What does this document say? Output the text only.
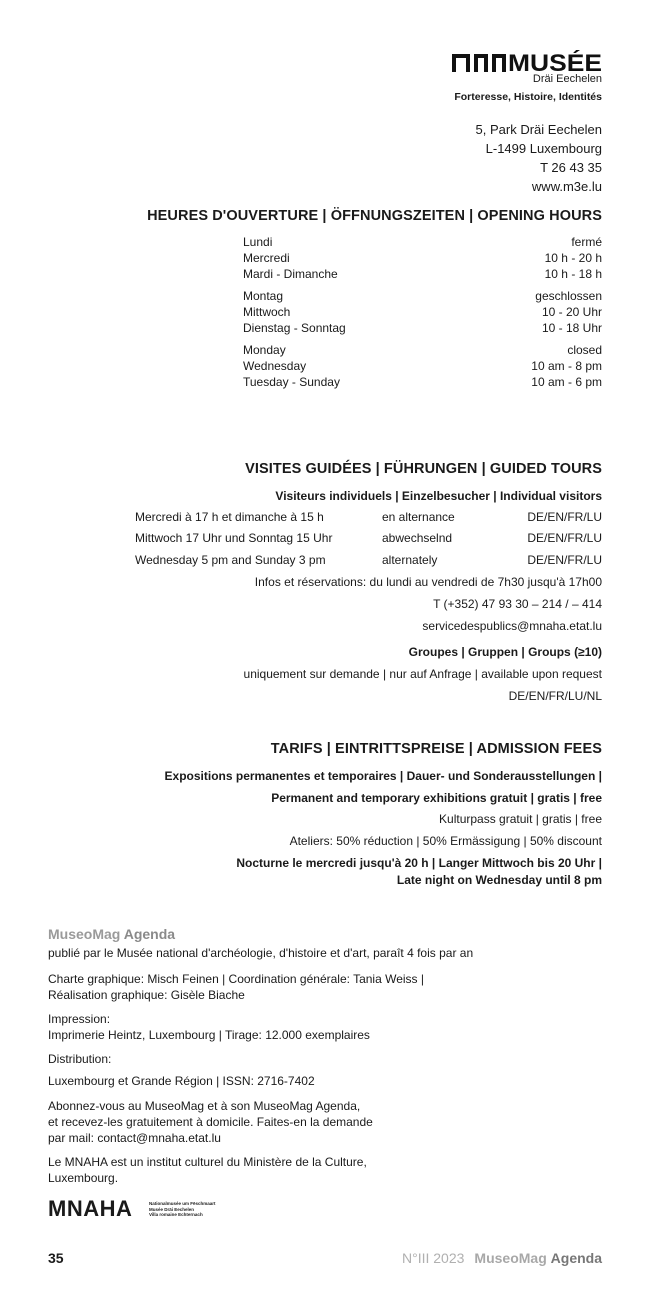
MUSÉE
Dräi Eechelen
Forteresse, Histoire, Identités
5, Park Dräi Eechelen
L-1499 Luxembourg
T 26 43 35
www.m3e.lu
HEURES D'OUVERTURE | ÖFFNUNGSZEITEN | OPENING HOURS
Lundi	fermé
Mercredi	10 h - 20 h
Mardi - Dimanche	10 h - 18 h
Montag	geschlossen
Mittwoch	10 - 20 Uhr
Dienstag - Sonntag	10 - 18 Uhr
Monday	closed
Wednesday	10 am - 8 pm
Tuesday - Sunday	10 am - 6 pm
VISITES GUIDÉES | FÜHRUNGEN | GUIDED TOURS
Visiteurs individuels | Einzelbesucher | Individual visitors
Mercredi à 17 h et dimanche à 15 h	en alternance	DE/EN/FR/LU
Mittwoch 17 Uhr und Sonntag 15 Uhr	abwechselnd	DE/EN/FR/LU
Wednesday 5 pm and Sunday 3 pm	alternately	DE/EN/FR/LU
Infos et réservations: du lundi au vendredi de 7h30 jusqu'à 17h00
T (+352) 47 93 30 – 214 / – 414
servicedespublics@mnaha.etat.lu
Groupes | Gruppen | Groups (≥10)
uniquement sur demande | nur auf Anfrage | available upon request
DE/EN/FR/LU/NL
TARIFS | EINTRITTSPREISE | ADMISSION FEES
Expositions permanentes et temporaires | Dauer- und Sonderausstellungen |
Permanent and temporary exhibitions gratuit | gratis | free
Kulturpass gratuit | gratis | free
Ateliers: 50% réduction | 50% Ermässigung | 50% discount
Nocturne le mercredi jusqu'à 20 h | Langer Mittwoch bis 20 Uhr |
Late night on Wednesday until 8 pm
MuseoMag Agenda
publié par le Musée national d'archéologie, d'histoire et d'art, paraît 4 fois par an
Charte graphique: Misch Feinen | Coordination générale: Tania Weiss |
Réalisation graphique: Gisèle Biache
Impression:
Imprimerie Heintz, Luxembourg | Tirage: 12.000 exemplaires
Distribution:
Luxembourg et Grande Région | ISSN: 2716-7402
Abonnez-vous au MuseoMag et à son MuseoMag Agenda,
et recevez-les gratuitement à domicile. Faites-en la demande
par mail: contact@mnaha.etat.lu
Le MNAHA est un institut culturel du Ministère de la Culture,
Luxembourg.
MNAHA	Nationalmusée um Fëschmaart
Musée Dräi Eechelen
Villa romaine Echternach
35	N°III 2023 MuseoMag Agenda
